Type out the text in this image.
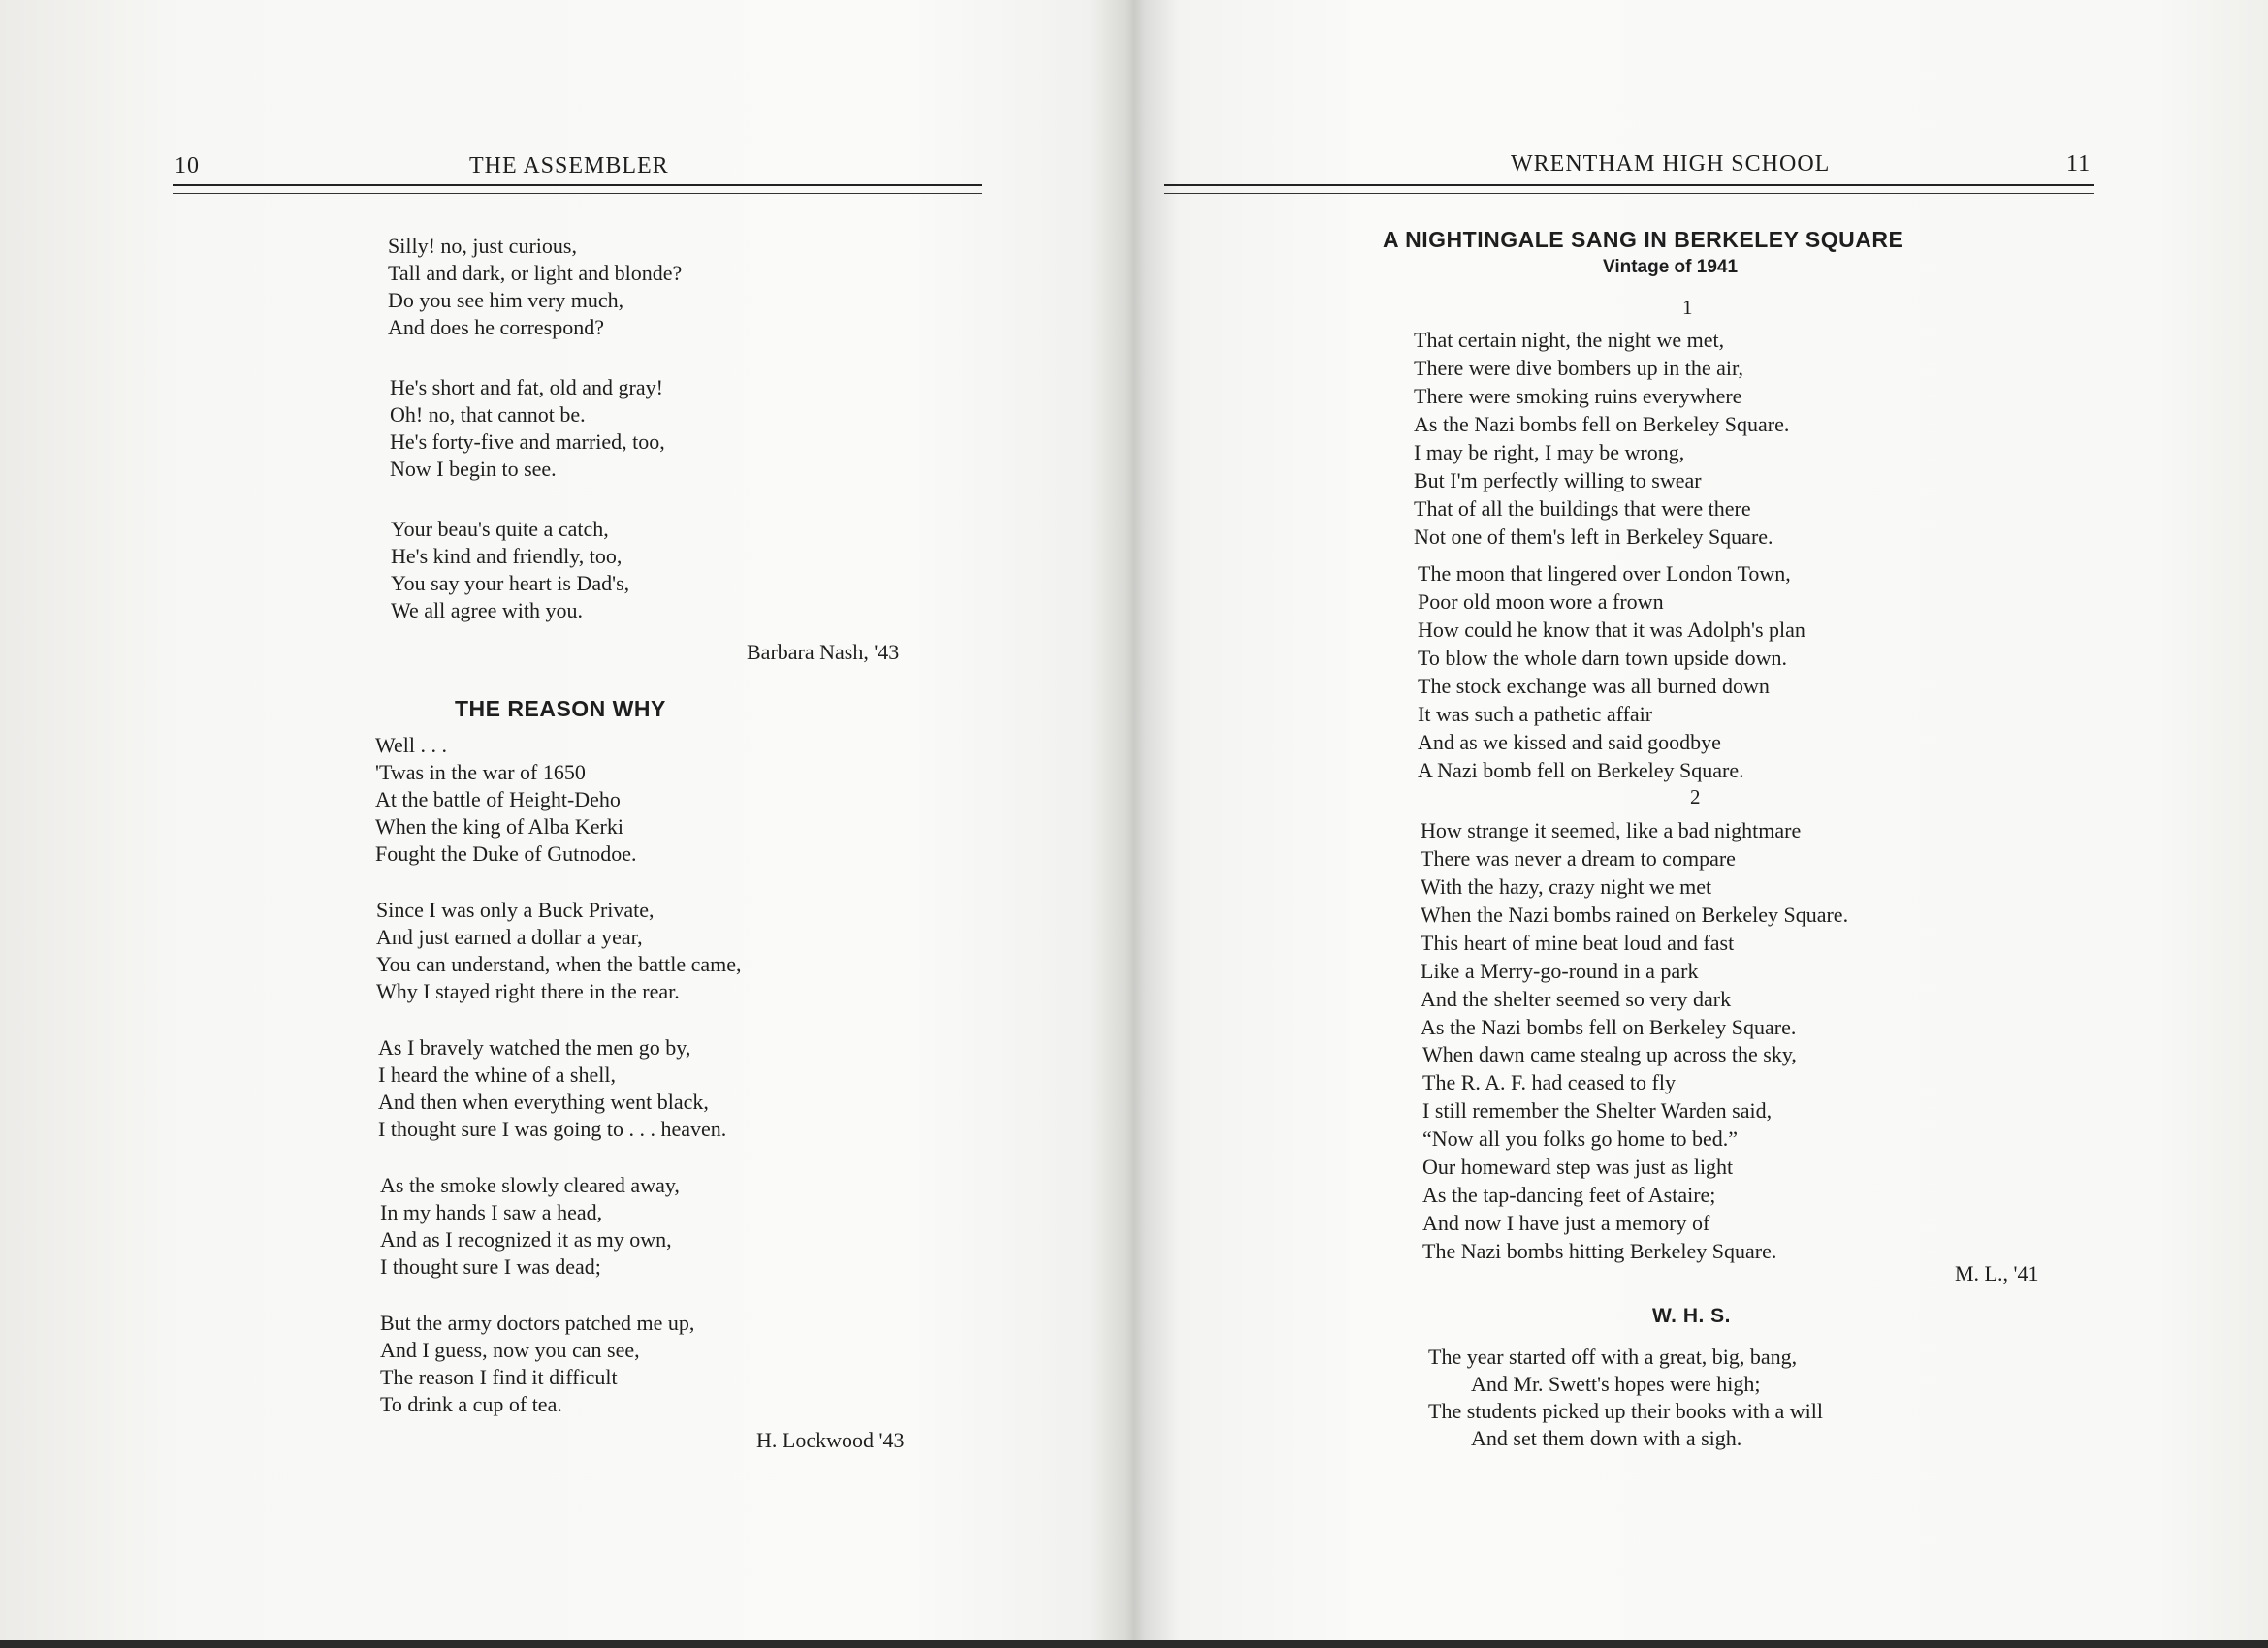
10	THE ASSEMBLER
Silly! no, just curious,
Tall and dark, or light and blonde?
Do you see him very much,
And does he correspond?
He's short and fat, old and gray!
Oh! no, that cannot be.
He's forty-five and married, too,
Now I begin to see.
Your beau's quite a catch,
He's kind and friendly, too,
You say your heart is Dad's,
We all agree with you.
Barbara Nash, '43
THE REASON WHY
Well . . .
'Twas in the war of 1650
At the battle of Height-Deho
When the king of Alba Kerki
Fought the Duke of Gutnodoe.
Since I was only a Buck Private,
And just earned a dollar a year,
You can understand, when the battle came,
Why I stayed right there in the rear.
As I bravely watched the men go by,
I heard the whine of a shell,
And then when everything went black,
I thought sure I was going to . . . heaven.
As the smoke slowly cleared away,
In my hands I saw a head,
And as I recognized it as my own,
I thought sure I was dead;
But the army doctors patched me up,
And I guess, now you can see,
The reason I find it difficult
To drink a cup of tea.
H. Lockwood '43
WRENTHAM HIGH SCHOOL	11
A NIGHTINGALE SANG IN BERKELEY SQUARE
Vintage of 1941
1
That certain night, the night we met,
There were dive bombers up in the air,
There were smoking ruins everywhere
As the Nazi bombs fell on Berkeley Square.
I may be right, I may be wrong,
But I'm perfectly willing to swear
That of all the buildings that were there
Not one of them's left in Berkeley Square.
The moon that lingered over London Town,
Poor old moon wore a frown
How could he know that it was Adolph's plan
To blow the whole darn town upside down.
The stock exchange was all burned down
It was such a pathetic affair
And as we kissed and said goodbye
A Nazi bomb fell on Berkeley Square.
2
How strange it seemed, like a bad nightmare
There was never a dream to compare
With the hazy, crazy night we met
When the Nazi bombs rained on Berkeley Square.
This heart of mine beat loud and fast
Like a Merry-go-round in a park
And the shelter seemed so very dark
As the Nazi bombs fell on Berkeley Square.
When dawn came stealng up across the sky,
The R. A. F. had ceased to fly
I still remember the Shelter Warden said,
“Now all you folks go home to bed.”
Our homeward step was just as light
As the tap-dancing feet of Astaire;
And now I have just a memory of
The Nazi bombs hitting Berkeley Square.
M. L., '41
W. H. S.
The year started off with a great, big, bang,
And Mr. Swett's hopes were high;
The students picked up their books with a will
And set them down with a sigh.
